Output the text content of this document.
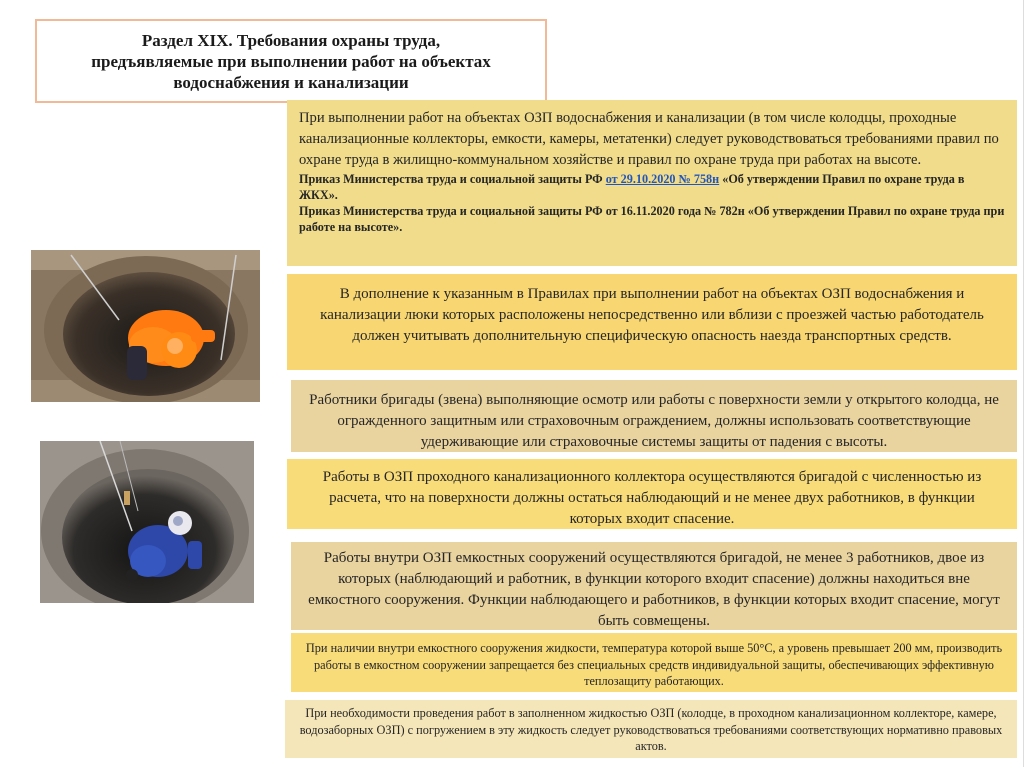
Раздел XIX. Требования охраны труда,
предъявляемые при выполнении работ на объектах
водоснабжения и канализации
При выполнении работ на объектах ОЗП водоснабжения и канализации (в том числе колодцы, проходные канализационные коллекторы, емкости, камеры, метатенки) следует руководствоваться требованиями правил по охране труда в жилищно-коммунальном хозяйстве и правил по охране труда при работах на высоте.
Приказ Министерства труда и социальной защиты РФ от 29.10.2020 № 758н «Об утверждении Правил по охране труда в ЖКХ».
Приказ Министерства труда и социальной защиты РФ от 16.11.2020 года № 782н «Об утверждении Правил по охране труда при работе на высоте».
В дополнение к указанным в Правилах при выполнении работ на объектах ОЗП водоснабжения и канализации люки которых расположены непосредственно или вблизи с проезжей частью работодатель должен учитывать дополнительную специфическую опасность наезда транспортных средств.
Работники бригады (звена) выполняющие осмотр или работы с поверхности земли у открытого колодца, не огражденного защитным или страховочным ограждением, должны использовать соответствующие удерживающие или страховочные системы защиты от падения с высоты.
Работы в ОЗП проходного канализационного коллектора осуществляются бригадой с численностью из расчета, что на поверхности должны остаться наблюдающий и не менее двух работников, в функции которых входит спасение.
Работы внутри ОЗП емкостных сооружений осуществляются бригадой, не менее 3 работников, двое из которых (наблюдающий и работник, в функции которого входит спасение) должны находиться вне емкостного сооружения. Функции наблюдающего и работников, в функции которых входит спасение, могут быть совмещены.
При наличии внутри емкостного сооружения жидкости, температура которой выше 50°C, а уровень превышает 200 мм, производить работы в емкостном сооружении запрещается без специальных средств индивидуальной защиты, обеспечивающих эффективную теплозащиту работающих.
При необходимости проведения работ в заполненном жидкостью ОЗП (колодце, в проходном канализационном коллекторе, камере, водозаборных ОЗП) с погружением в эту жидкость следует руководствоваться требованиями соответствующих нормативно правовых актов.
